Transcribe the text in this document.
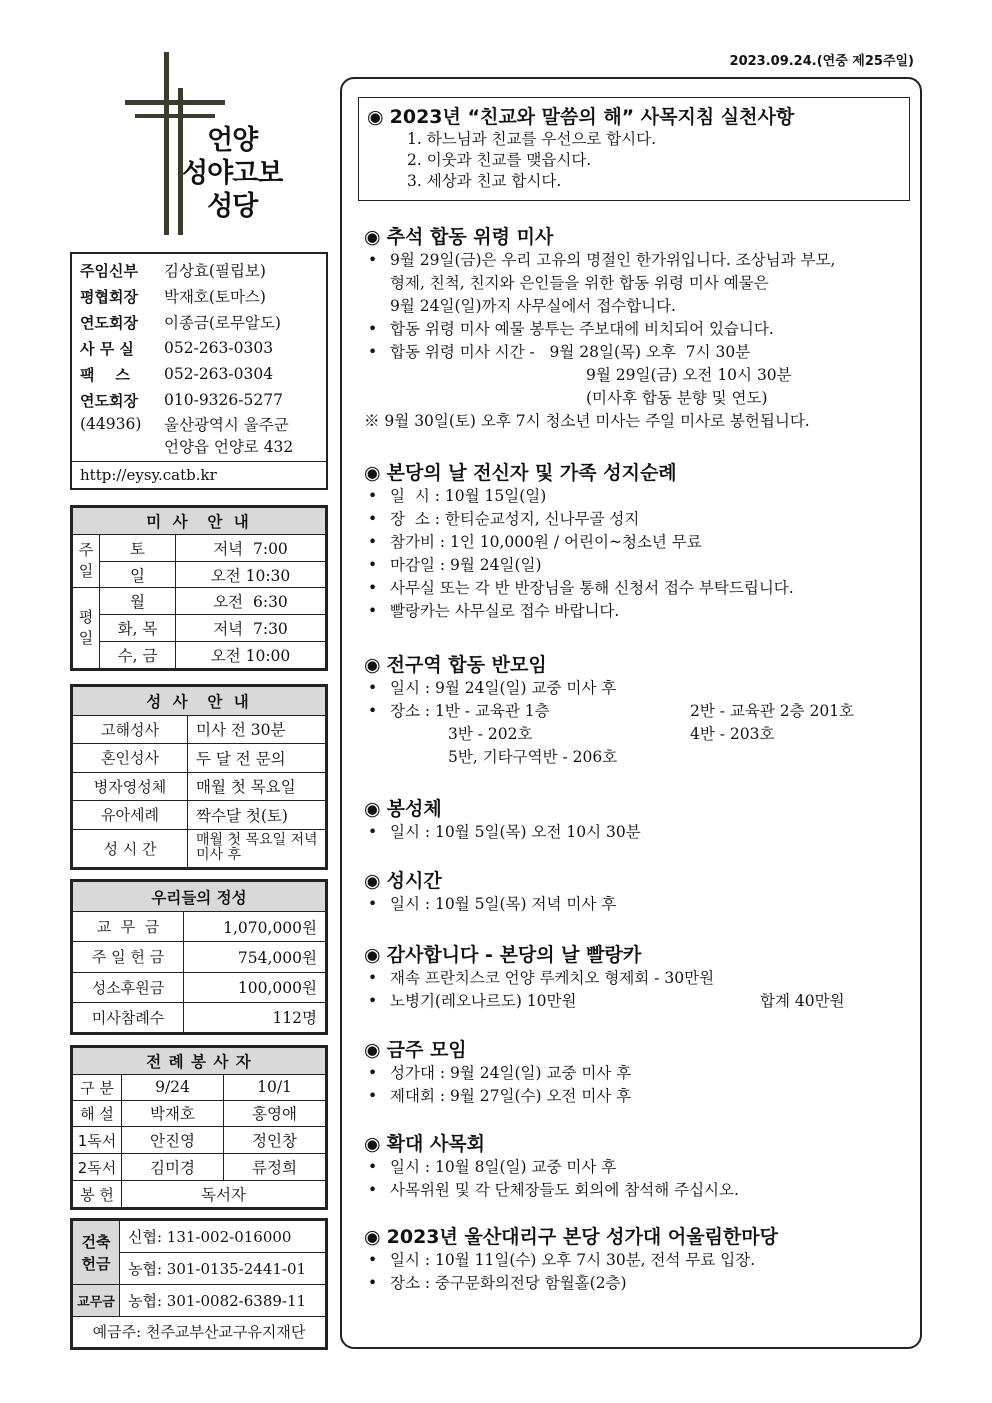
2023.09.24.(연중 제25주일)
언양
성야고보
성당
주임신부	김상효(필립보)
평협회장	박재호(토마스)
연도회장	이종금(로무알도)
사 무 실	052-263-0303
팩    스	052-263-0304
연도회장	010-9326-5277
(44936)	울산광역시 울주군
언양읍 언양로 432
http://eysy.catb.kr
미 사  안 내		
주
일	토	저녁  7:00
	일	오전 10:30
평
일	월	오전  6:30
	화, 목	저녁  7:30
	수, 금	오전 10:00
성 사  안 내	
고해성사	미사 전 30분
혼인성사	두 달 전 문의
병자영성체	매월 첫 목요일
유아세례	짝수달 첫(토)
성 시 간	매월 첫 목요일 저녁미사 후
우리들의 정성	
교  무  금	1,070,000원
주 일 헌 금	754,000원
성소후원금	100,000원
미사참례수	112명
전 례 봉 사 자		
구 분	9/24	10/1
해 설	박재호	홍영애
1독서	안진영	정인창
2독서	김미경	류정희
봉 헌	독서자	
건축 헌금	신협: 131-002-016000
	농협: 301-0135-2441-01
교무금	농협: 301-0082-6389-11
예금주: 천주교부산교구유지재단	
◉ 2023년 “친교와 말씀의 해” 사목지침 실천사항
1. 하느님과 친교를 우선으로 합시다.
2. 이웃과 친교를 맺읍시다.
3. 세상과 친교 합시다.
◉ 추석 합동 위령 미사
• 9월 29일(금)은 우리 고유의 명절인 한가위입니다. 조상님과 부모,
형제, 친척, 친지와 은인들을 위한 합동 위령 미사 예물은
9월 24일(일)까지 사무실에서 접수합니다.
• 합동 위령 미사 예물 봉투는 주보대에 비치되어 있습니다.
• 합동 위령 미사 시간 -   9월 28일(목) 오후  7시 30분
9월 29일(금) 오전 10시 30분
(미사후 합동 분향 및 연도)
※ 9월 30일(토) 오후 7시 청소년 미사는 주일 미사로 봉헌됩니다.
◉ 본당의 날 전신자 및 가족 성지순례
• 일  시 : 10월 15일(일)
• 장  소 : 한티순교성지, 신나무골 성지
• 참가비 : 1인 10,000원 / 어린이~청소년 무료
• 마감일 : 9월 24일(일)
• 사무실 또는 각 반 반장님을 통해 신청서 접수 부탁드립니다.
• 빨랑카는 사무실로 접수 바랍니다.
◉ 전구역 합동 반모임
• 일시 : 9월 24일(일) 교중 미사 후
• 장소 : 1반 - 교육관 1층	2반 - 교육관 2층 201호
3반 - 202호	4반 - 203호
5반, 기타구역반 - 206호
◉ 봉성체
• 일시 : 10월 5일(목) 오전 10시 30분
◉ 성시간
• 일시 : 10월 5일(목) 저녁 미사 후
◉ 감사합니다 - 본당의 날 빨랑카
• 재속 프란치스코 언양 루케치오 형제회 - 30만원
• 노병기(레오나르도) 10만원	합계 40만원
◉ 금주 모임
• 성가대 : 9월 24일(일) 교중 미사 후
• 제대회 : 9월 27일(수) 오전 미사 후
◉ 확대 사목회
• 일시 : 10월 8일(일) 교중 미사 후
• 사목위원 및 각 단체장들도 회의에 참석해 주십시오.
◉ 2023년 울산대리구 본당 성가대 어울림한마당
• 일시 : 10월 11일(수) 오후 7시 30분, 전석 무료 입장.
• 장소 : 중구문화의전당 함월홀(2층)
